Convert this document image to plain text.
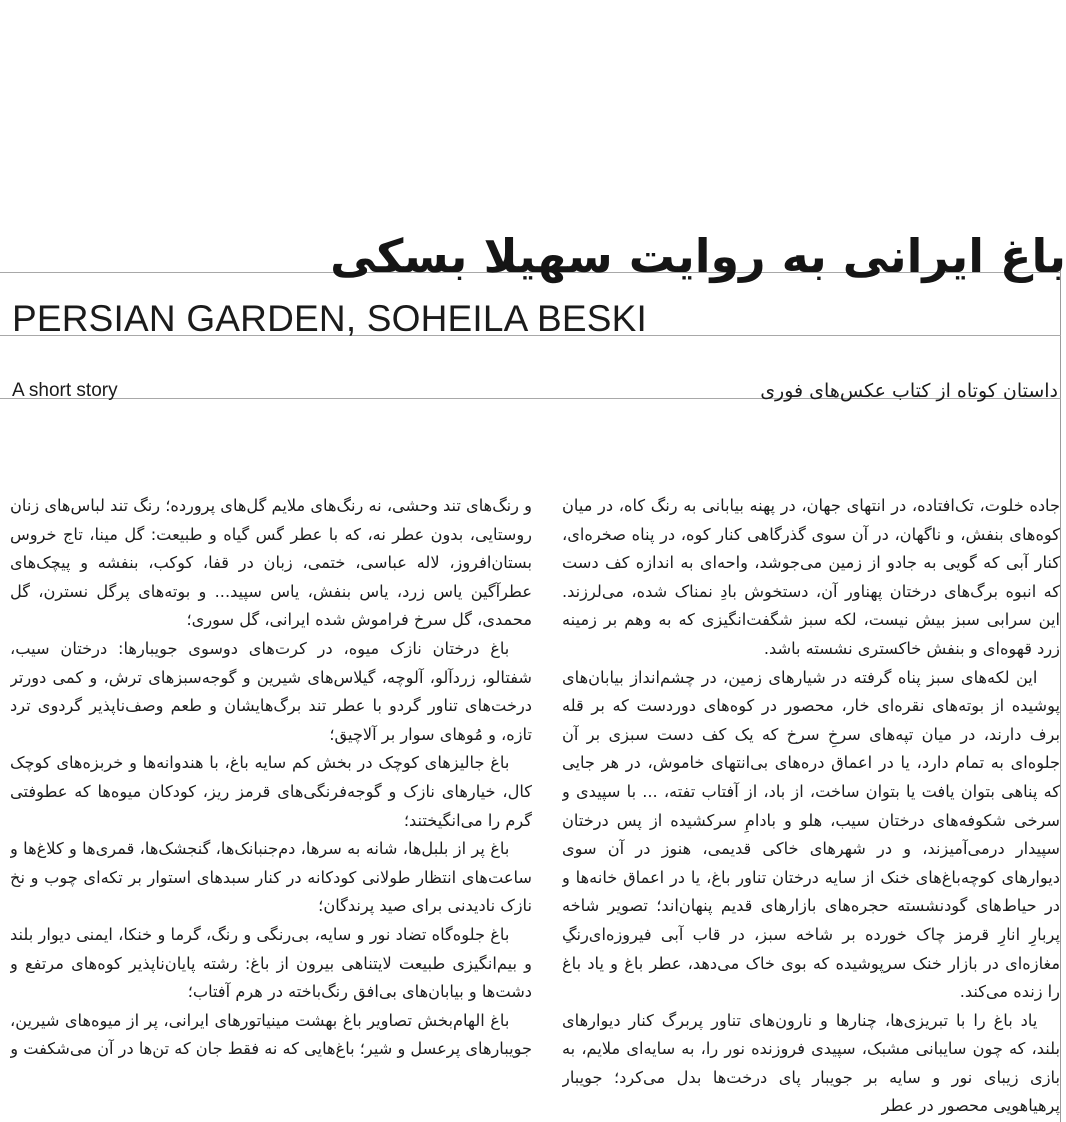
باغ ایرانی به روایت سهیلا بسکی
PERSIAN GARDEN, SOHEILA BESKI
A short story	داستان کوتاه از کتاب عکس‌های فوری

جاده خلوت، تک‌افتاده، در انتهای جهان، در پهنه بیابانی به رنگ کاه، در میان کوه‌های بنفش، و ناگهان، در آن سوی گذرگاهی کنار کوه، در پناه صخره‌ای، کنار آبی که گویی به جادو از زمین می‌جوشد، واحه‌ای به اندازه کف دست که انبوه برگ‌های درختان پهناور آن، دستخوش بادِ نمناک شده، می‌لرزند. این سرابی سبز بیش نیست، لکه سبز شگفت‌انگیزی که به وهم بر زمینه زرد قهوه‌ای و بنفش خاکستری نشسته باشد.

این لکه‌های سبز پناه گرفته در شیارهای زمین، در چشم‌انداز بیابان‌های پوشیده از بوته‌های نقره‌ای خار، محصور در کوه‌های دوردست که بر قله برف دارند، در میان تپه‌های سرخِ سرخ که یک کف دست سبزی بر آن جلوه‌ای به تمام دارد، یا در اعماق دره‌های بی‌انتهای خاموش، در هر جایی که پناهی بتوان یافت یا بتوان ساخت، از باد، از آفتاب تفته، ... با سپیدی و سرخی شکوفه‌های درختان سیب، هلو و بادامِ سرکشیده از پس درختان سپیدار درمی‌آمیزند، و در شهرهای خاکی قدیمی، هنوز در آن سوی دیوارهای کوچه‌باغ‌های خنک از سایه درختان تناور باغ، یا در اعماق خانه‌ها و در حیاط‌های گودنشسته حجره‌های بازارهای قدیم پنهان‌اند؛ تصویر شاخه پربارِ انارِ قرمز چاک خورده بر شاخه سبز، در قاب آبی فیروزه‌ای‌رنگِ مغازه‌ای در بازار خنک سرپوشیده که بوی خاک می‌دهد، عطر باغ و یاد باغ را زنده می‌کند.

یاد باغ را با تبریزی‌ها، چنارها و نارون‌های تناور پربرگ کنار دیوارهای بلند، که چون سایبانی مشبک، سپیدی فروزنده نور را، به سایه‌ای ملایم، به بازی زیبای نور و سایه بر جویبار پای درخت‌ها بدل می‌کرد؛ جویبار پرهیاهویی محصور در عطر

و رنگ‌های تند وحشی، نه رنگ‌های ملایم گل‌های پرورده؛ رنگ تند لباس‌های زنان روستایی، بدون عطر نه، که با عطر گس گیاه و طبیعت: گل مینا، تاج خروس بستان‌افروز، لاله عباسی، ختمی، زبان در قفا، کوکب، بنفشه و پیچک‌های عطرآگین یاس زرد، یاس بنفش، یاس سپید... و بوته‌های پرگل نسترن، گل محمدی، گل سرخ فراموش شده ایرانی، گل سوری؛

باغ درختان نازک میوه، در کرت‌های دوسوی جویبارها: درختان سیب، شفتالو، زردآلو، آلوچه، گیلاس‌های شیرین و گوجه‌سبزهای ترش، و کمی دورتر درخت‌های تناور گردو با عطر تند برگ‌هایشان و طعم وصف‌ناپذیر گردوی ترد تازه، و مُوهای سوار بر آلاچیق؛

باغ جالیزهای کوچک در بخش کم سایه باغ، با هندوانه‌ها و خربزه‌های کوچک کال، خیارهای نازک و گوجه‌فرنگی‌های قرمز ریز، کودکان میوه‌ها که عطوفتی گرم را می‌انگیختند؛

باغ پر از بلبل‌ها، شانه به سرها، دم‌جنبانک‌ها، گنجشک‌ها، قمری‌ها و کلاغ‌ها و ساعت‌های انتظار طولانی کودکانه در کنار سبدهای استوار بر تکه‌ای چوب و نخ نازک نادیدنی برای صید پرندگان؛

باغ جلوه‌گاه تضاد نور و سایه، بی‌رنگی و رنگ، گرما و خنکا، ایمنی دیوار بلند و بیم‌انگیزی طبیعت لایتناهی بیرون از باغ: رشته پایان‌ناپذیر کوه‌های مرتفع و دشت‌ها و بیابان‌های بی‌افق رنگ‌باخته در هرم آفتاب؛

باغ الهام‌بخش تصاویر باغ بهشت مینیاتورهای ایرانی، پر از میوه‌های شیرین، جویبارهای پرعسل و شیر؛ باغ‌هایی که نه فقط جان که تن‌ها در آن می‌شکفت و
